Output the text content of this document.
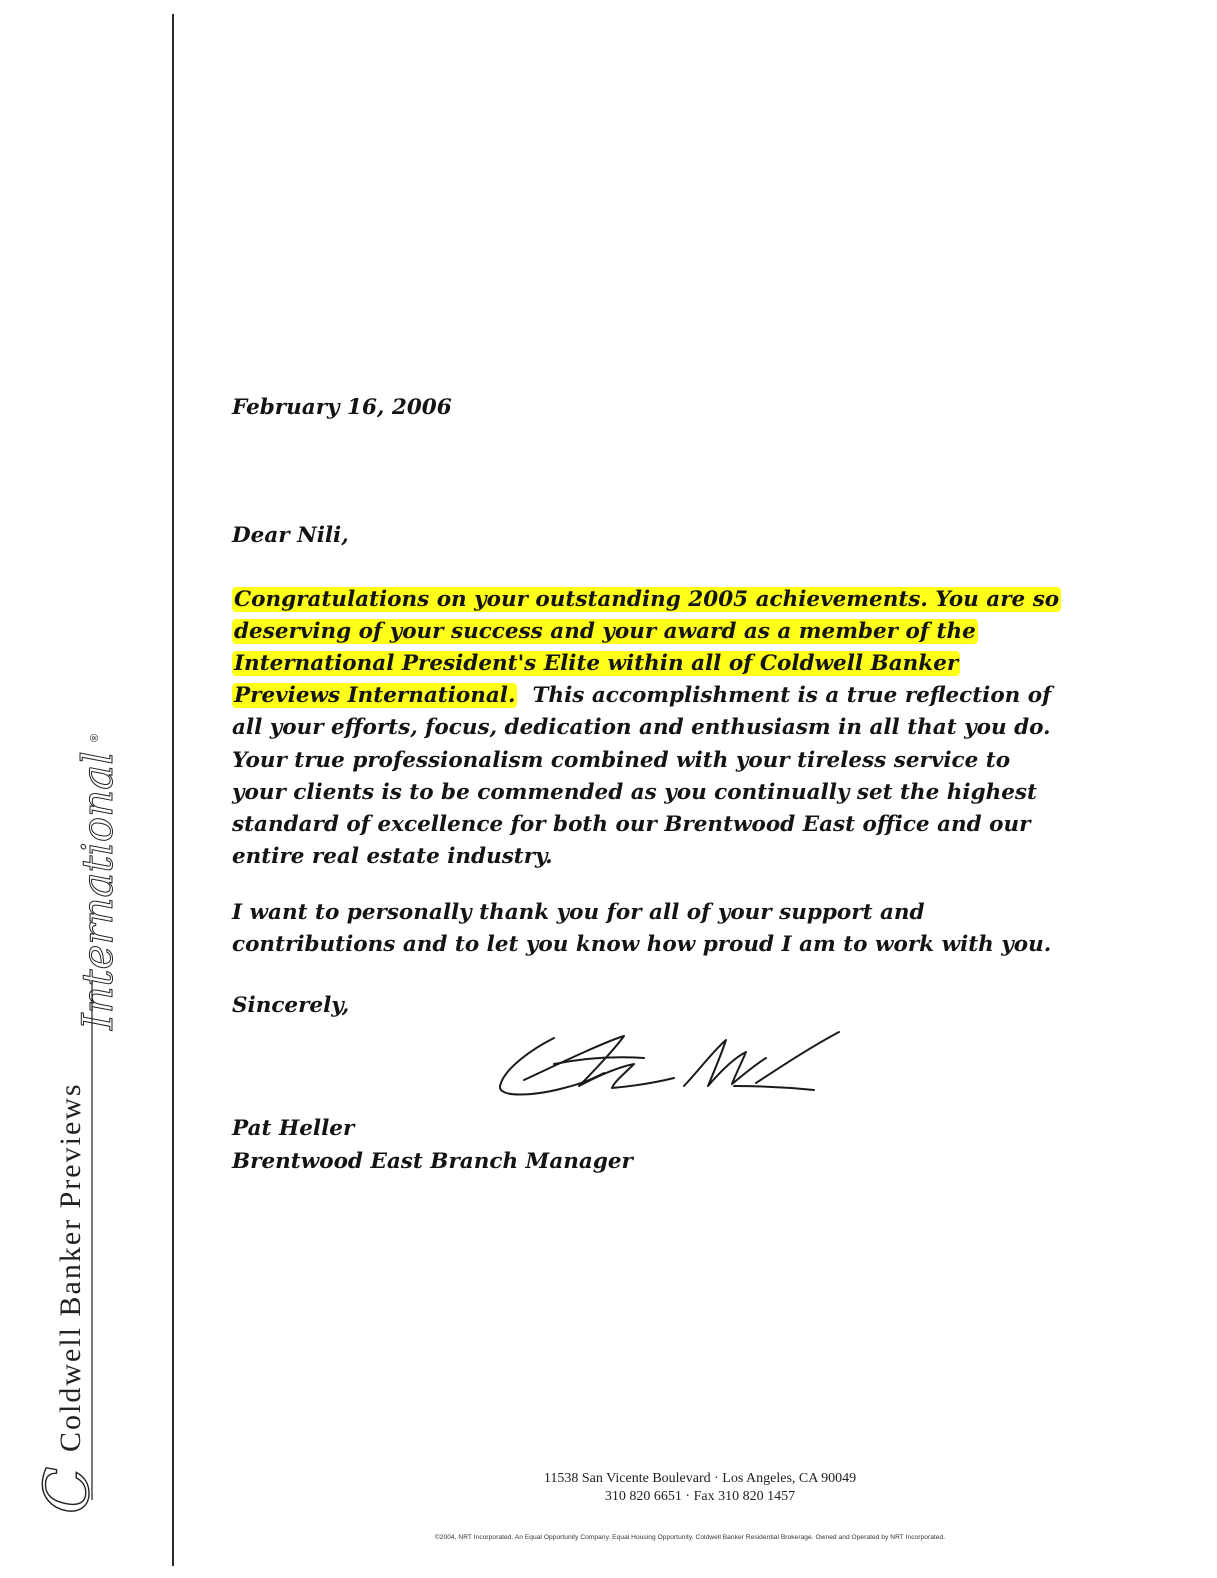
Coldwell Banker Previews
C
International
®
February 16, 2006
Dear Nili,

Congratulations on your outstanding 2005 achievements. You are so deserving of your success and your award as a member of the International President's Elite within all of Coldwell Banker Previews International. This accomplishment is a true reflection of all your efforts, focus, dedication and enthusiasm in all that you do.

Your true professionalism combined with your tireless service to your clients is to be commended as you continually set the highest standard of excellence for both our Brentwood East office and our entire real estate industry.

I want to personally thank you for all of your support and contributions and to let you know how proud I am to work with you.

Sincerely,
Pat Heller
Brentwood East Branch Manager
11538 San Vicente Boulevard · Los Angeles, CA 90049
310 820 6651 · Fax 310 820 1457
©2004, NRT Incorporated. An Equal Opportunity Company. Equal Housing Opportunity. Coldwell Banker Residential Brokerage. Owned and Operated by NRT Incorporated.
